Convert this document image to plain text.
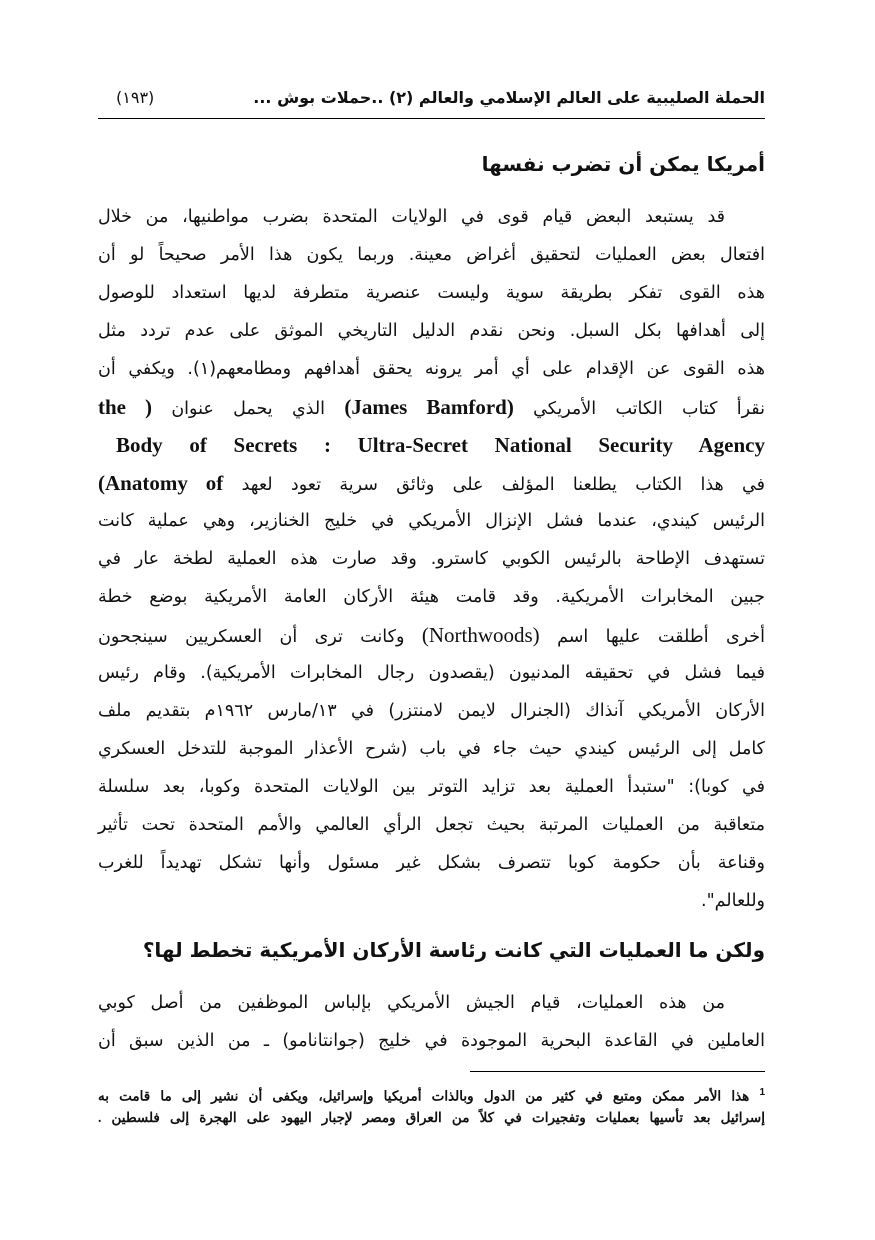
الحملة الصليبية على العالم الإسلامي والعالم (٢) ..حملات بوش ...
(١٩٣)
أمريكا يمكن أن تضرب نفسها
قد يستبعد البعض قيام قوى في الولايات المتحدة بضرب مواطنيها، من خلال
افتعال بعض العمليات لتحقيق أغراض معينة. وربما يكون هذا الأمر صحيحاً لو أن
هذه القوى تفكر بطريقة سوية وليست عنصرية متطرفة لديها استعداد للوصول
إلى أهدافها بكل السبل. ونحن نقدم الدليل التاريخي الموثق على عدم تردد مثل
هذه القوى عن الإقدام على أي أمر يرونه يحقق أهدافهم ومطامعهم(١). ويكفي أن
نقرأ كتاب الكاتب الأمريكي (James Bamford) الذي يحمل عنوان ( the
Body of Secrets : Ultra-Secret National Security Agency
في هذا الكتاب يطلعنا المؤلف على وثائق سرية تعود لعهد Anatomy of)
الرئيس كيندي، عندما فشل الإنزال الأمريكي في خليج الخنازير، وهي عملية كانت
تستهدف الإطاحة بالرئيس الكوبي كاسترو. وقد صارت هذه العملية لطخة عار في
جبين المخابرات الأمريكية. وقد قامت هيئة الأركان العامة الأمريكية بوضع خطة
أخرى أطلقت عليها اسم (Northwoods) وكانت ترى أن العسكريين سينجحون
فيما فشل في تحقيقه المدنيون (يقصدون رجال المخابرات الأمريكية). وقام رئيس
الأركان الأمريكي آنذاك (الجنرال لايمن لامنتزر) في ١٣/مارس ١٩٦٢م بتقديم ملف
كامل إلى الرئيس كيندي حيث جاء في باب (شرح الأعذار الموجبة للتدخل العسكري
في كوبا): "ستبدأ العملية بعد تزايد التوتر بين الولايات المتحدة وكوبا، بعد سلسلة
متعاقبة من العمليات المرتبة بحيث تجعل الرأي العالمي والأمم المتحدة تحت تأثير
وقناعة بأن حكومة كوبا تتصرف بشكل غير مسئول وأنها تشكل تهديداً للغرب
وللعالم".
ولكن ما العمليات التي كانت رئاسة الأركان الأمريكية تخطط لها؟
من هذه العمليات، قيام الجيش الأمريكي بإلباس الموظفين من أصل كوبي
العاملين في القاعدة البحرية الموجودة في خليج (جوانتانامو) ـ من الذين سبق أن
$^1$ هذا الأمر ممكن ومتبع في كثير من الدول وبالذات أمريكيا وإسرائيل، ويكفى أن نشير إلى ما قامت به
إسرائيل بعد تأسيها بعمليات وتفجيرات في كلاً من العراق ومصر لإجبار اليهود على الهجرة إلى فلسطين .
